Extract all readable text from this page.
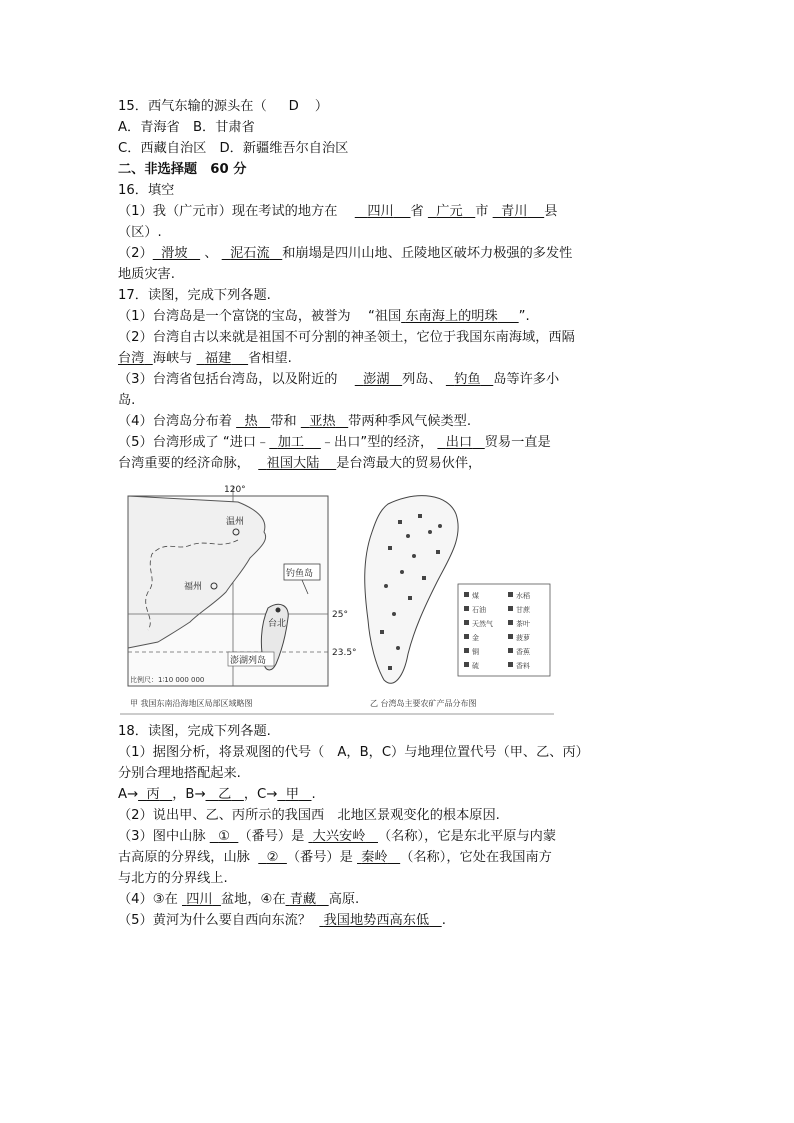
15．西气东输的源头在（ D ）
A．青海省　B．甘肃省
C．西藏自治区　D．新疆维吾尔自治区
二、非选择题　60 分
16．填空
（1）我（广元市）现在考试的地方在　 四川 省 广元 市 青川 县
（区）.
（2） 滑坡 、 泥石流 和崩塌是四川山地、丘陵地区破坏力极强的多发性
地质灾害.
17．读图，完成下列各题.
（1）台湾岛是一个富饶的宝岛，被誉为　 “祖国 东南海上的明珠 ”.
（2）台湾自古以来就是祖国不可分割的神圣领土，它位于我国东南海域，西隔
台湾 海峡与 福建 省相望.
（3）台湾省包括台湾岛，以及附近的　 澎湖 列岛、 钓鱼 岛等许多小
岛.
（4）台湾岛分布着 热 带和 亚热 带两种季风气候类型.
（5）台湾形成了 “进口﹣ 加工 ﹣出口”型的经济， 出口 贸易一直是
台湾重要的经济命脉， 祖国大陆 是台湾最大的贸易伙伴，
120°
25°
23.5°
温州
福州
台北
钓鱼岛
澎湖列岛
比例尺：1∶10 000 000
甲 我国东南沿海地区局部区域略图
煤	水稻
石油	甘蔗
天然气	茶叶
金	菠萝
铜	香蕉
硫	香料
乙 台湾岛主要农矿产品分布图
18．读图，完成下列各题.
（1）据图分析，将景观图的代号（　A，B，C）与地理位置代号（甲、乙、丙）
分别合理地搭配起来.
A→ 丙 ，B→ 乙 ，C→ 甲 .
（2）说出甲、乙、丙所示的我国西　北地区景观变化的根本原因.
（3）图中山脉 ① （番号）是 大兴安岭 （名称），它是东北平原与内蒙
古高原的分界线，山脉 ② （番号）是 秦岭 （名称），它处在我国南方
与北方的分界线上.
（4）③在 四川 盆地，④在 青藏 高原.
（5）黄河为什么要自西向东流？ 我国地势西高东低 .
